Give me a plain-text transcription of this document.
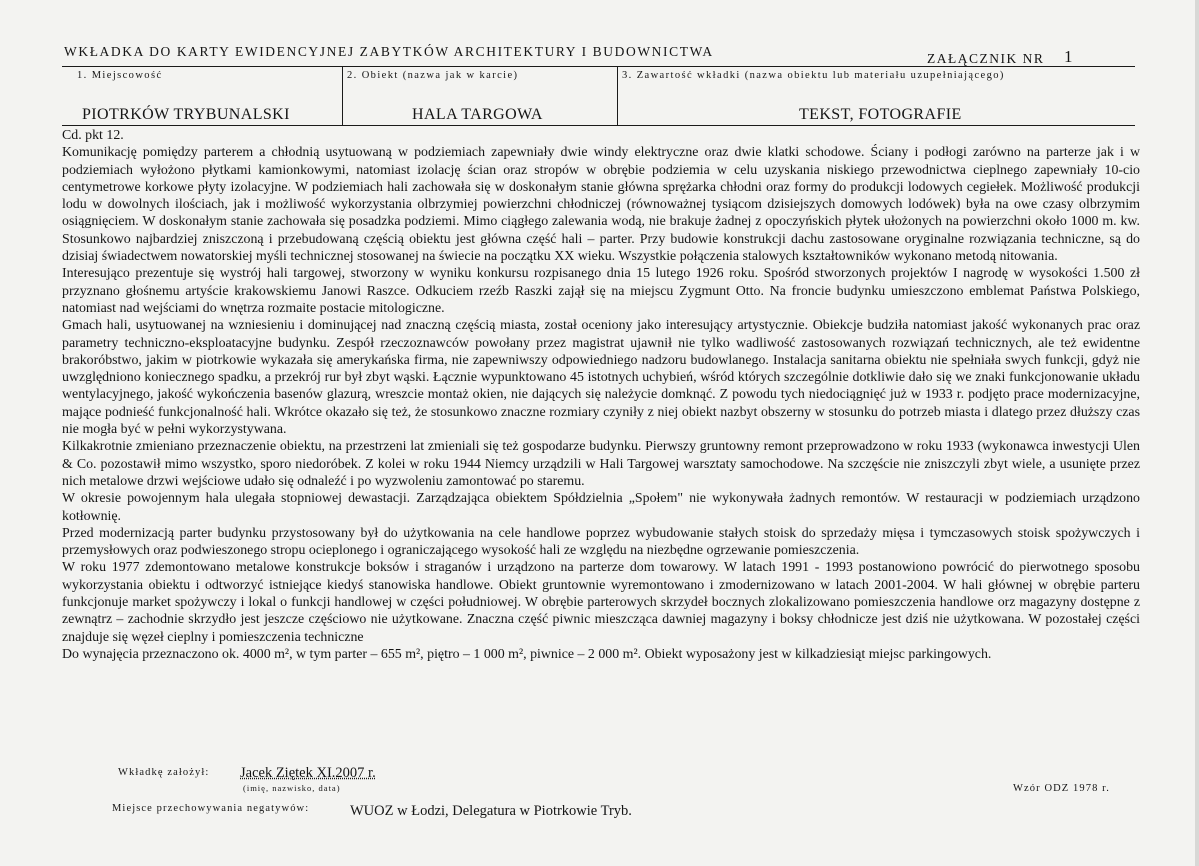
WKŁADKA DO KARTY EWIDENCYJNEJ ZABYTKÓW ARCHITEKTURY I BUDOWNICTWA	ZAŁĄCZNIK NR 1
1. Miejscowość	2. Obiekt (nazwa jak w karcie)	3. Zawartość wkładki (nazwa obiektu lub materiału uzupełniającego)
PIOTRKÓW TRYBUNALSKI	HALA TARGOWA	TEKST, FOTOGRAFIE

Cd. pkt 12.

Komunikację pomiędzy parterem a chłodnią usytuowaną w podziemiach zapewniały dwie windy elektryczne oraz dwie klatki schodowe. Ściany i podłogi zarówno na parterze jak i w podziemiach wyłożono płytkami kamionkowymi, natomiast izolację ścian oraz stropów w obrębie podziemia w celu uzyskania niskiego przewodnictwa cieplnego zapewniały 10-cio centymetrowe korkowe płyty izolacyjne. W podziemiach hali zachowała się w doskonałym stanie główna sprężarka chłodni oraz formy do produkcji lodowych cegiełek. Możliwość produkcji lodu w dowolnych ilościach, jak i możliwość wykorzystania olbrzymiej powierzchni chłodniczej (równoważnej tysiącom dzisiejszych domowych lodówek) była na owe czasy olbrzymim osiągnięciem. W doskonałym stanie zachowała się posadzka podziemi. Mimo ciągłego zalewania wodą, nie brakuje żadnej z opoczyńskich płytek ułożonych na powierzchni około 1000 m. kw. Stosunkowo najbardziej zniszczoną i przebudowaną częścią obiektu jest główna część hali – parter. Przy budowie konstrukcji dachu zastosowane oryginalne rozwiązania techniczne, są do dzisiaj świadectwem nowatorskiej myśli technicznej stosowanej na świecie na początku XX wieku. Wszystkie połączenia stalowych kształtowników wykonano metodą nitowania.

Interesująco prezentuje się wystrój hali targowej, stworzony w wyniku konkursu rozpisanego dnia 15 lutego 1926 roku. Spośród stworzonych projektów I nagrodę w wysokości 1.500 zł przyznano głośnemu artyście krakowskiemu Janowi Raszce. Odkuciem rzeźb Raszki zajął się na miejscu Zygmunt Otto. Na froncie budynku umieszczono emblemat Państwa Polskiego, natomiast nad wejściami do wnętrza rozmaite postacie mitologiczne.

Gmach hali, usytuowanej na wzniesieniu i dominującej nad znaczną częścią miasta, został oceniony jako interesujący artystycznie. Obiekcje budziła natomiast jakość wykonanych prac oraz parametry techniczno-eksploatacyjne budynku. Zespół rzeczoznawców powołany przez magistrat ujawnił nie tylko wadliwość zastosowanych rozwiązań technicznych, ale też ewidentne brakoróbstwo, jakim w piotrkowie wykazała się amerykańska firma, nie zapewniwszy odpowiedniego nadzoru budowlanego. Instalacja sanitarna obiektu nie spełniała swych funkcji, gdyż nie uwzględniono koniecznego spadku, a przekrój rur był zbyt wąski. Łącznie wypunktowano 45 istotnych uchybień, wśród których szczególnie dotkliwie dało się we znaki funkcjonowanie układu wentylacyjnego, jakość wykończenia basenów glazurą, wreszcie montaż okien, nie dających się należycie domknąć. Z powodu tych niedociągnięć już w 1933 r. podjęto prace modernizacyjne, mające podnieść funkcjonalność hali. Wkrótce okazało się też, że stosunkowo znaczne rozmiary czyniły z niej obiekt nazbyt obszerny w stosunku do potrzeb miasta i dlatego przez dłuższy czas nie mogła być w pełni wykorzystywana.

Kilkakrotnie zmieniano przeznaczenie obiektu, na przestrzeni lat zmieniali się też gospodarze budynku. Pierwszy gruntowny remont przeprowadzono w roku 1933 (wykonawca inwestycji Ulen & Co. pozostawił mimo wszystko, sporo niedoróbek. Z kolei w roku 1944 Niemcy urządzili w Hali Targowej warsztaty samochodowe. Na szczęście nie zniszczyli zbyt wiele, a usunięte przez nich metalowe drzwi wejściowe udało się odnaleźć i po wyzwoleniu zamontować po staremu.

W okresie powojennym hala ulegała stopniowej dewastacji. Zarządzająca obiektem Spółdzielnia „Społem" nie wykonywała żadnych remontów. W restauracji w podziemiach urządzono kotłownię.

Przed modernizacją parter budynku przystosowany był do użytkowania na cele handlowe poprzez wybudowanie stałych stoisk do sprzedaży mięsa i tymczasowych stoisk spożywczych i przemysłowych oraz podwieszonego stropu ocieplonego i ograniczającego wysokość hali ze względu na niezbędne ogrzewanie pomieszczenia.

W roku 1977 zdemontowano metalowe konstrukcje boksów i straganów i urządzono na parterze dom towarowy. W latach 1991 - 1993 postanowiono powrócić do pierwotnego sposobu wykorzystania obiektu i odtworzyć istniejące kiedyś stanowiska handlowe. Obiekt gruntownie wyremontowano i zmodernizowano w latach 2001-2004. W hali głównej w obrębie parteru funkcjonuje market spożywczy i lokal o funkcji handlowej w części południowej. W obrębie parterowych skrzydeł bocznych zlokalizowano pomieszczenia handlowe orz magazyny dostępne z zewnątrz – zachodnie skrzydło jest jeszcze częściowo nie użytkowane. Znaczna część piwnic mieszcząca dawniej magazyny i boksy chłodnicze jest dziś nie użytkowana. W pozostałej części znajduje się węzeł cieplny i pomieszczenia techniczne

Do wynajęcia przeznaczono ok. 4000 m², w tym parter – 655 m², piętro – 1 000 m², piwnice – 2 000 m². Obiekt wyposażony jest w kilkadziesiąt miejsc parkingowych.

Wkładkę założył: Jacek Ziętek XI.2007 r.
(imię, nazwisko, data)	Wzór ODZ 1978 r.
Miejsce przechowywania negatywów:	WUOZ w Łodzi, Delegatura w Piotrkowie Tryb.
